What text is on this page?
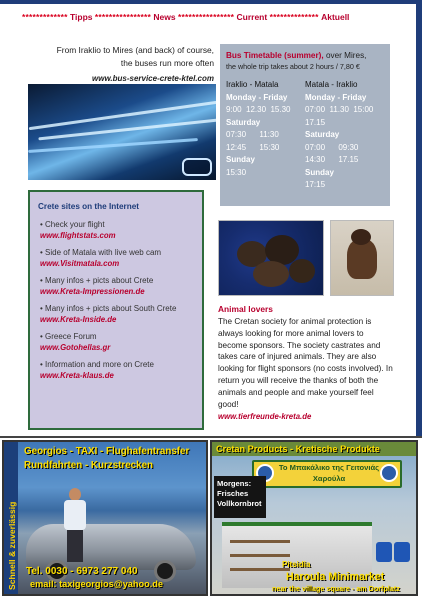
************* Tipps **************** News **************** Current ************** Aktuell
From Iraklio to Mires (and back) of course,
the buses run more often
www.bus-service-crete-ktel.com
Bus Timetable (summer), over Mires,
the whole trip takes about 2 hours / 7,80 €
Iraklio - Matala
Monday - Friday
9:00  12.30  15.30
Saturday
07:30      11:30
12:45      15:30
Sunday
15:30
Matala - Iraklio
Monday - Friday
07:00  11.30  15:00
17.15
Saturday
07:00      09:30
14:30      17.15
Sunday
17:15
Crete sites on the Internet
• Check your flight
www.flightstats.com
• Side of Matala with live web cam
www.Visitmatala.com
• Many infos + picts about Crete
www.Kreta-Impressionen.de
• Many infos + picts about South Crete
www.Kreta-Inside.de
• Greece Forum
www.Gotohellas.gr
• Information and more on Crete
www.Kreta-klaus.de
Animal lovers
The Cretan society for animal protection is always looking for more animal lovers to become sponsors. The society castrates and takes care of injured animals. They are also looking for flight sponsors (no costs involved). In return you will receive the thanks of both the animals and people and make yourself feel good!
www.tierfreunde-kreta.de
Schnell & zuverlässig
Georgios - TAXI - Flughafentransfer
Rundfahrten - Kurzstrecken
Tel. 0030 - 6973 277 040
email: taxigeorgios@yahoo.de
Cretan Products - Kretische Produkte
Το Μπακάλικο της Γειτονιάς
Χαρούλα
Morgens:
Frisches
Vollkornbrot
Pitsidia
Haroula Minimarket
near the village square - am Dorfplatz
